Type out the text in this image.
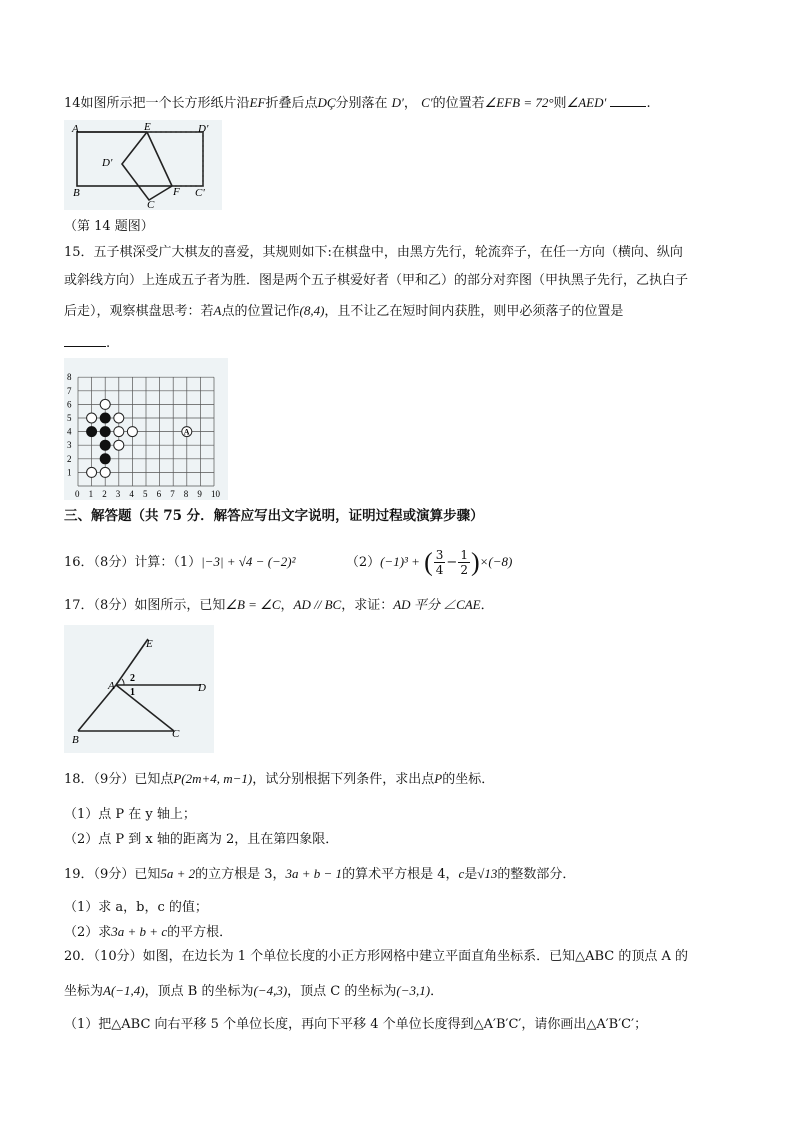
14如图所示把一个长方形纸片沿EF折叠后点DÇ分别落在 D′， C′的位置若∠EFB = 72°则∠AED′	.
A	E	D'
D'
B	F C'
C
（第 14 题图）
15．五子棋深受广大棋友的喜爱，其规则如下:在棋盘中，由黑方先行，轮流弈子，在任一方向（横向、纵向
或斜线方向）上连成五子者为胜．图是两个五子棋爱好者（甲和乙）的部分对弈图（甲执黑子先行，乙执白子
后走），观察棋盘思考：若A点的位置记作(8,4)，且不让乙在短时间内获胜，则甲必须落子的位置是
.
0 1 2 3 4 5 6 7 8 9 10
1
2
3
4
5
6
7
8
A
三、解答题（共 75 分．解答应写出文字说明，证明过程或演算步骤）
16．（8分）计算：（1）|−3| + √4 − (−2)²	（2）(−1)³ + ( $\frac{3}{4} - \frac{1}{2} )\times(-8)$
17．（8分）如图所示，已知∠B = ∠C，AD // BC，求证：AD 平分 ∠CAE．
E
A
2
1	D
B	C
18．（9分）已知点P(2m+4, m−1)，试分别根据下列条件，求出点P的坐标．
（1）点 P 在 y 轴上；
（2）点 P 到 x 轴的距离为 2，且在第四象限．
19．（9分）已知5a + 2的立方根是 3，3a + b − 1的算术平方根是 4，c是√13的整数部分．
（1）求 a，b，c 的值；
（2）求3a + b + c的平方根．
20．（10分）如图，在边长为 1 个单位长度的小正方形网格中建立平面直角坐标系．已知△ABC 的顶点 A 的
坐标为A(−1,4)，顶点 B 的坐标为(−4,3)，顶点 C 的坐标为(−3,1)．
（1）把△ABC 向右平移 5 个单位长度，再向下平移 4 个单位长度得到△A′B′C′，请你画出△A′B′C′；
